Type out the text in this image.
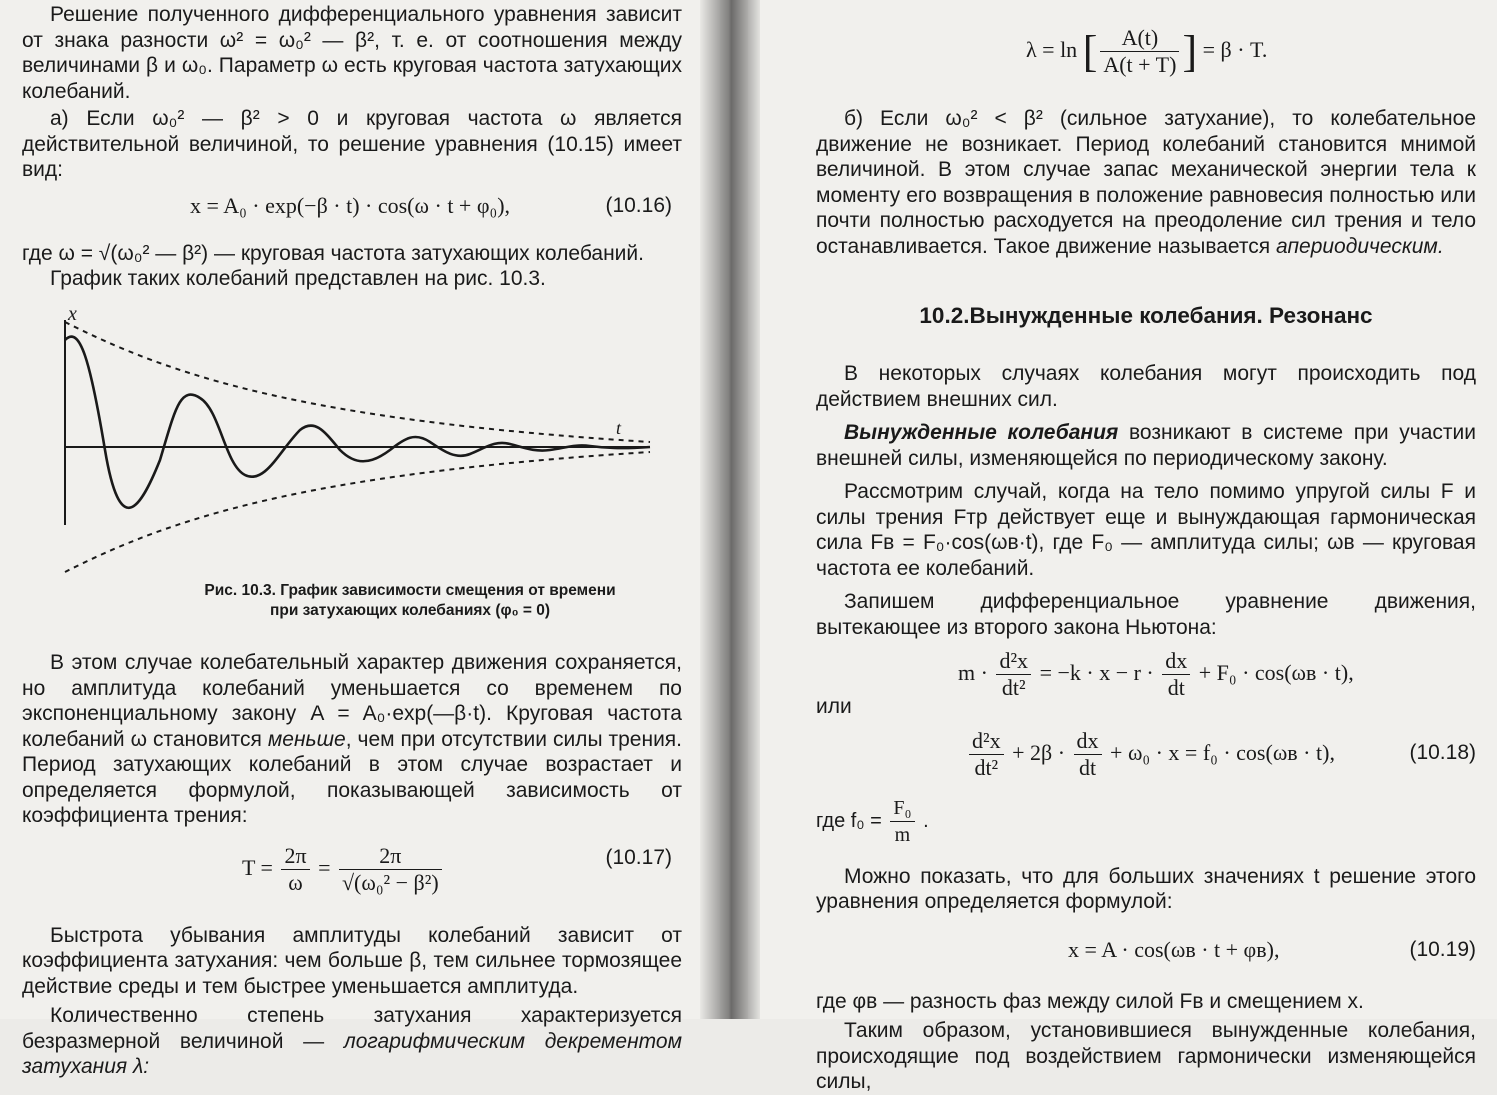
Решение полученного дифференциального уравнения зависит от знака разности ω² = ω₀² — β², т. е. от соотношения между величинами β и ω₀. Параметр ω есть круговая частота затухающих колебаний.

а) Если ω₀² — β² > 0 и круговая частота ω является действительной величиной, то решение уравнения (10.15) имеет вид:

x = A₀ · exp(−β · t) · cos(ω · t + φ₀),	(10.16)

где ω = √(ω₀² — β²) — круговая частота затухающих колебаний.

График таких колебаний представлен на рис. 10.3.

x
t
Рис. 10.3. График зависимости смещения от времени
при затухающих колебаниях (φ₀ = 0)

В этом случае колебательный характер движения сохраняется, но амплитуда колебаний уменьшается со временем по экспоненциальному закону A = A₀·exp(—β·t). Круговая частота колебаний ω становится меньше, чем при отсутствии силы трения. Период затухающих колебаний в этом случае возрастает и определяется формулой, показывающей зависимость от коэффициента трения:

$T = \frac{2\pi}{\omega} = \frac{2\pi}{\text{√(ω₀² − β²)}}$	(10.17)

Быстрота убывания амплитуды колебаний зависит от коэффициента затухания: чем больше β, тем сильнее тормозящее действие среды и тем быстрее уменьшается амплитуда.

Количественно степень затухания характеризуется безразмерной величиной — логарифмическим декрементом затухания λ:

λ = ln [ $\frac{A(t)}{A(t + T)}$ ] = β · T.

б) Если ω₀² < β² (сильное затухание), то колебательное движение не возникает. Период колебаний становится мнимой величиной. В этом случае запас механической энергии тела к моменту его возвращения в положение равновесия полностью или почти полностью расходуется на преодоление сил трения и тело останавливается. Такое движение называется апериодическим.

10.2.Вынужденные колебания. Резонанс

В некоторых случаях колебания могут происходить под действием внешних сил.

Вынужденные колебания возникают в системе при участии внешней силы, изменяющейся по периодическому закону.

Рассмотрим случай, когда на тело помимо упругой силы F и силы трения Fтр действует еще и вынуждающая гармоническая сила Fв = F₀·cos(ωв·t), где F₀ — амплитуда силы; ωв — круговая частота ее колебаний.

Запишем дифференциальное уравнение движения, вытекающее из второго закона Ньютона:

$m \cdot \frac{\text{d²x}}{\text{dt²}} = -k \cdot x - r \cdot \frac{dx}{dt} + F_0 \cdot \cos(\omega в \cdot t)$,

или

$\frac{\text{d²x}}{\text{dt²}} + 2\beta \cdot \frac{dx}{dt} + \omega_0 \cdot x = f_0 \cdot \cos(\omega в \cdot t)$,	(10.18)
где $f_0 = \frac{\text{F₀}}{m}$ .

Можно показать, что для больших значениях t решение этого уравнения определяется формулой:

x = A · cos(ωв · t + φв),	(10.19)

где φв — разность фаз между силой Fв и смещением x.

Таким образом, установившиеся вынужденные колебания, происходящие под воздействием гармонически изменяющейся силы,
